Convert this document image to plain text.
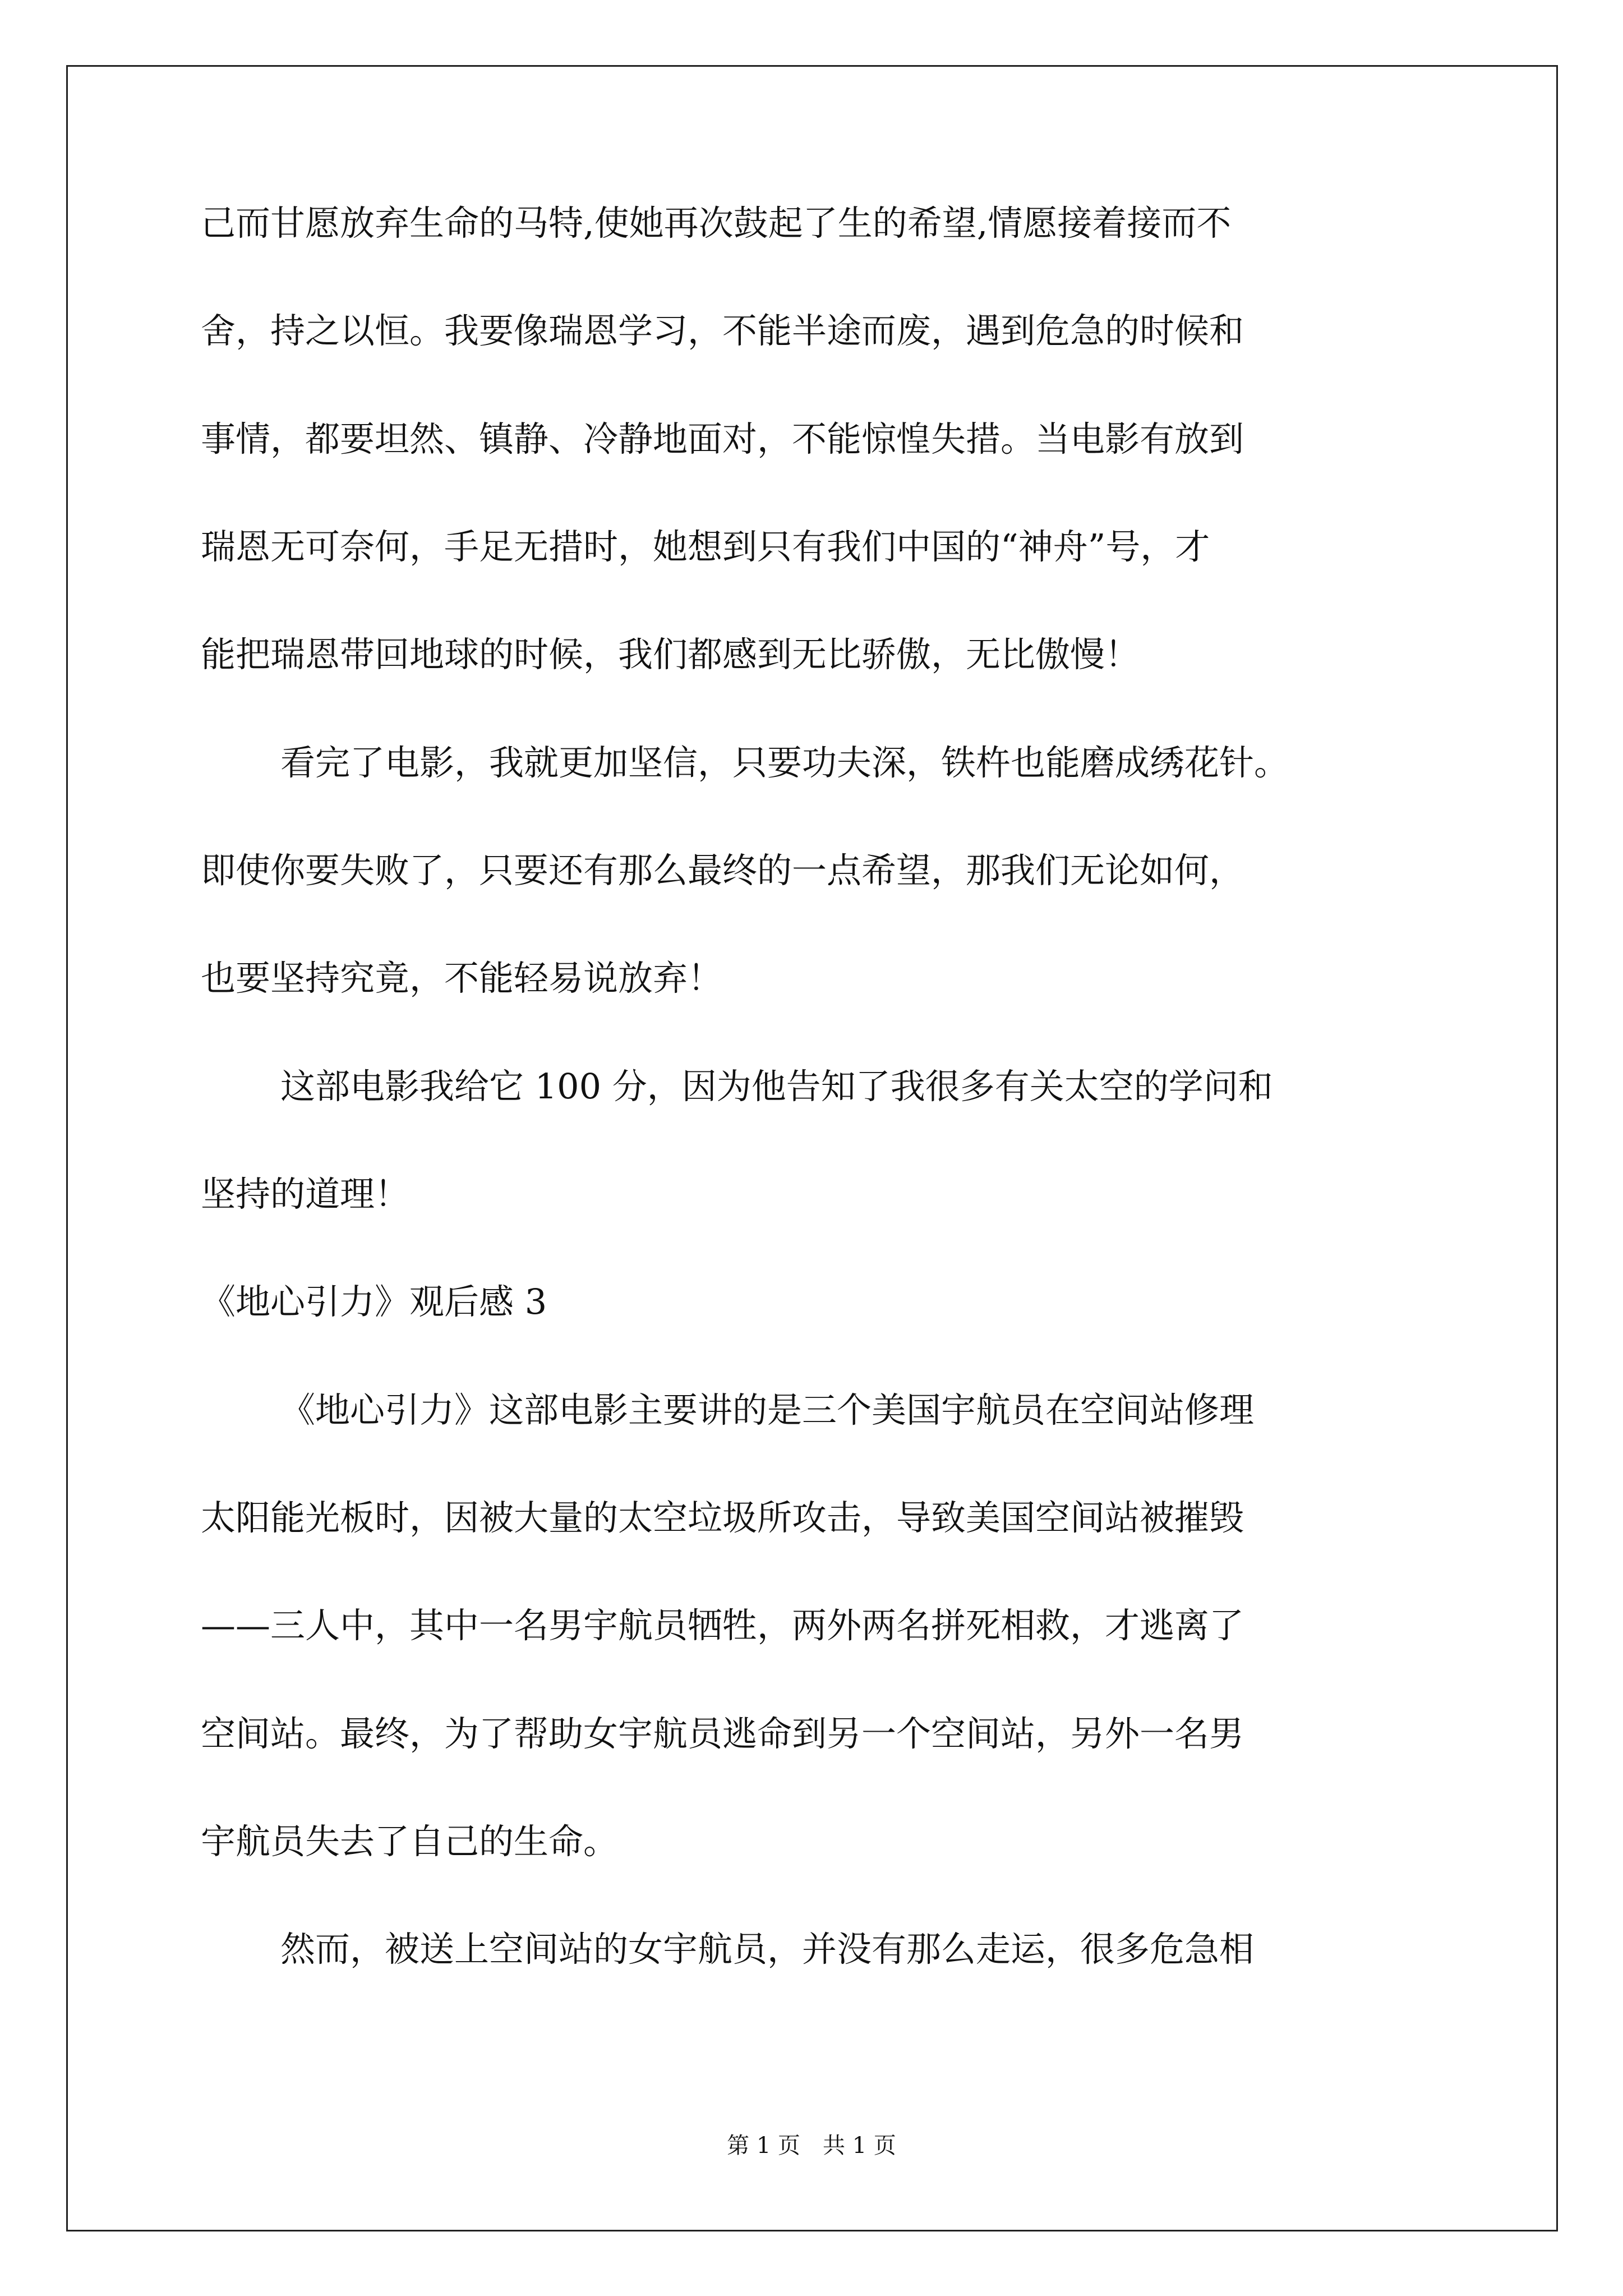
己而甘愿放弃生命的马特,使她再次鼓起了生的希望,情愿接着接而不
舍，持之以恒。我要像瑞恩学习，不能半途而废，遇到危急的时候和
事情，都要坦然、镇静、冷静地面对，不能惊惶失措。当电影有放到
瑞恩无可奈何，手足无措时，她想到只有我们中国的“神舟”号，才
能把瑞恩带回地球的时候，我们都感到无比骄傲，无比傲慢！
看完了电影，我就更加坚信，只要功夫深，铁杵也能磨成绣花针。
即使你要失败了，只要还有那么最终的一点希望，那我们无论如何，
也要坚持究竟，不能轻易说放弃！
这部电影我给它 100 分，因为他告知了我很多有关太空的学问和
坚持的道理！
《地心引力》观后感 3
《地心引力》这部电影主要讲的是三个美国宇航员在空间站修理
太阳能光板时，因被大量的太空垃圾所攻击，导致美国空间站被摧毁
——三人中，其中一名男宇航员牺牲，两外两名拼死相救，才逃离了
空间站。最终，为了帮助女宇航员逃命到另一个空间站，另外一名男
宇航员失去了自己的生命。
然而，被送上空间站的女宇航员，并没有那么走运，很多危急相
第 1 页　共 1 页
